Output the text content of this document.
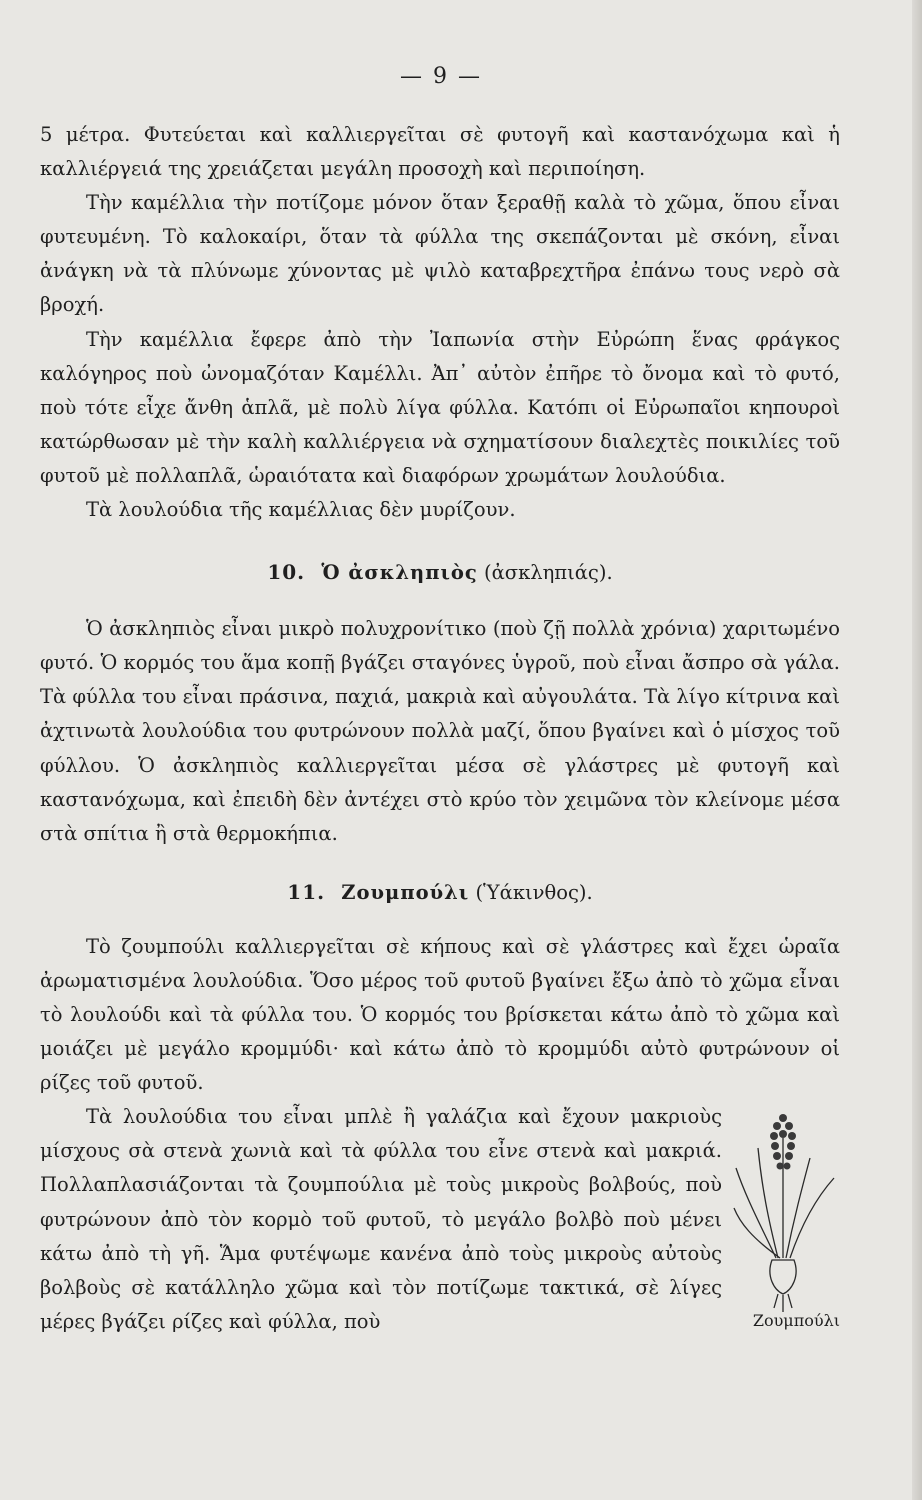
— 9 —

5 μέτρα. Φυτεύεται καὶ καλλιεργεῖται σὲ φυτογῆ καὶ καστανόχωμα καὶ ἡ καλλιέργειά της χρειάζεται μεγάλη προσοχὴ καὶ περιποίηση.

Τὴν καμέλλια τὴν ποτίζομε μόνον ὅταν ξεραθῇ καλὰ τὸ χῶμα, ὅπου εἶναι φυτευμένη. Τὸ καλοκαίρι, ὅταν τὰ φύλλα της σκεπάζονται μὲ σκόνη, εἶναι ἀνάγκη νὰ τὰ πλύνωμε χύνοντας μὲ ψιλὸ καταβρεχτῆρα ἐπάνω τους νερὸ σὰ βροχή.

Τὴν καμέλλια ἔφερε ἀπὸ τὴν Ἰαπωνία στὴν Εὐρώπη ἕνας φράγκος καλόγηρος ποὺ ὠνομαζόταν Καμέλλι. Ἀπ᾿ αὐτὸν ἐπῆρε τὸ ὄνομα καὶ τὸ φυτό, ποὺ τότε εἶχε ἄνθη ἁπλᾶ, μὲ πολὺ λίγα φύλλα. Κατόπι οἱ Εὐρωπαῖοι κηπουροὶ κατώρθωσαν μὲ τὴν καλὴ καλλιέργεια νὰ σχηματίσουν διαλεχτὲς ποικιλίες τοῦ φυτοῦ μὲ πολλαπλᾶ, ὡραιότατα καὶ διαφόρων χρωμάτων λουλούδια.

Τὰ λουλούδια τῆς καμέλλιας δὲν μυρίζουν.

10. Ὁ ἀσκληπιὸς (ἀσκληπιάς).

Ὁ ἀσκληπιὸς εἶναι μικρὸ πολυχρονίτικο (ποὺ ζῇ πολλὰ χρόνια) χαριτωμένο φυτό. Ὁ κορμός του ἅμα κοπῇ βγάζει σταγόνες ὑγροῦ, ποὺ εἶναι ἄσπρο σὰ γάλα. Τὰ φύλλα του εἶναι πράσινα, παχιά, μακριὰ καὶ αὐγουλάτα. Τὰ λίγο κίτρινα καὶ ἀχτινωτὰ λουλούδια του φυτρώνουν πολλὰ μαζί, ὅπου βγαίνει καὶ ὁ μίσχος τοῦ φύλλου. Ὁ ἀσκληπιὸς καλλιεργεῖται μέσα σὲ γλάστρες μὲ φυτογῆ καὶ καστανόχωμα, καὶ ἐπειδὴ δὲν ἀντέχει στὸ κρύο τὸν χειμῶνα τὸν κλείνομε μέσα στὰ σπίτια ἢ στὰ θερμοκήπια.

11. Ζουμπούλι (Ὑάκινθος).

Τὸ ζουμπούλι καλλιεργεῖται σὲ κήπους καὶ σὲ γλάστρες καὶ ἔχει ὡραῖα ἀρωματισμένα λουλούδια. Ὅσο μέρος τοῦ φυτοῦ βγαίνει ἔξω ἀπὸ τὸ χῶμα εἶναι τὸ λουλούδι καὶ τὰ φύλλα του. Ὁ κορμός του βρίσκεται κάτω ἀπὸ τὸ χῶμα καὶ μοιάζει μὲ μεγάλο κρομμύδι· καὶ κάτω ἀπὸ τὸ κρομμύδι αὐτὸ φυτρώνουν οἱ ρίζες τοῦ φυτοῦ.

Ζουμπούλι

Τὰ λουλούδια του εἶναι μπλὲ ἢ γαλάζια καὶ ἔχουν μακριοὺς μίσχους σὰ στενὰ χωνιὰ καὶ τὰ φύλλα του εἶνε στενὰ καὶ μακριά. Πολλαπλασιάζονται τὰ ζουμπούλια μὲ τοὺς μικροὺς βολβούς, ποὺ φυτρώνουν ἀπὸ τὸν κορμὸ τοῦ φυτοῦ, τὸ μεγάλο βολβὸ ποὺ μένει κάτω ἀπὸ τὴ γῆ. Ἅμα φυτέψωμε κανένα ἀπὸ τοὺς μικροὺς αὐτοὺς βολβοὺς σὲ κατάλληλο χῶμα καὶ τὸν ποτίζωμε τακτικά, σὲ λίγες μέρες βγάζει ρίζες καὶ φύλλα, ποὺ
